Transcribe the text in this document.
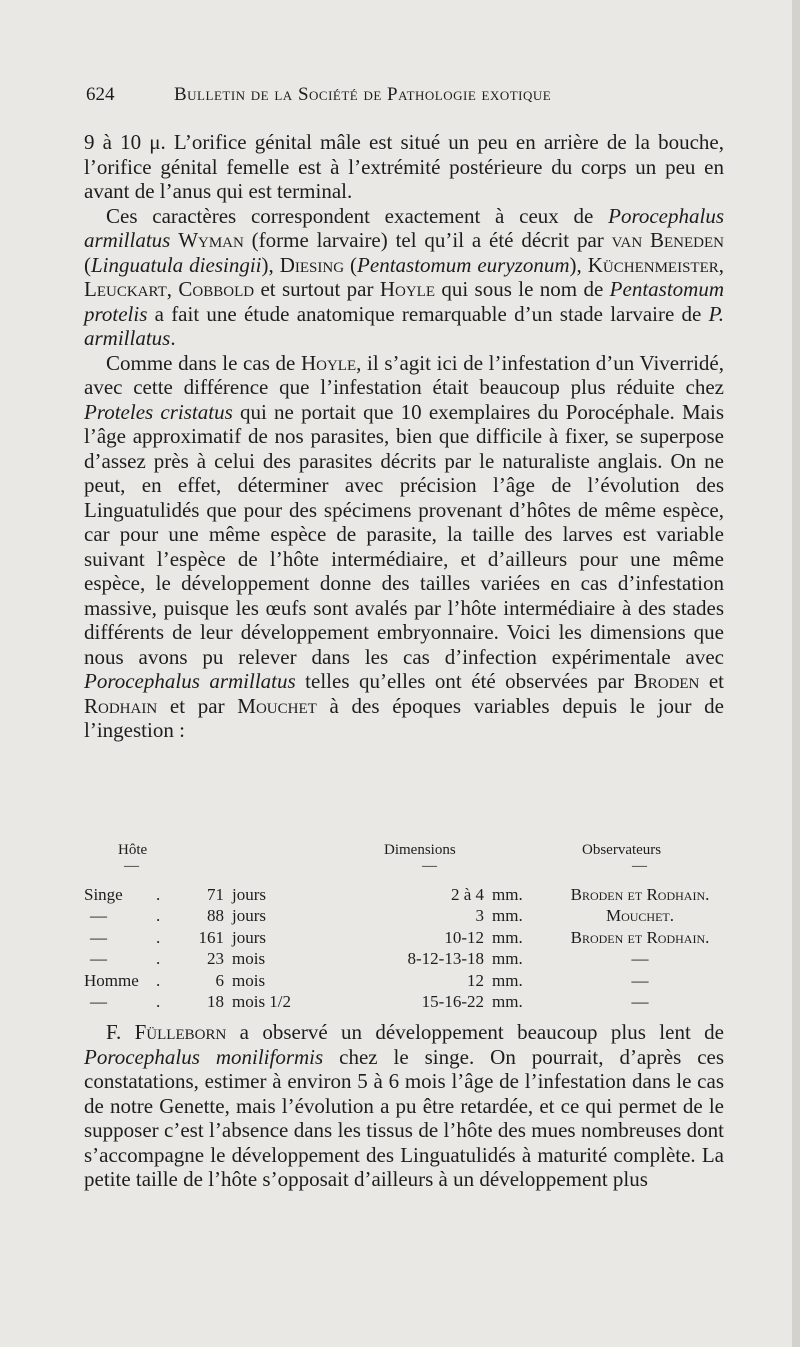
624	Bulletin de la Société de Pathologie exotique

9 à 10 μ. L’orifice génital mâle est situé un peu en arrière de la bouche, l’orifice génital femelle est à l’extrémité postérieure du corps un peu en avant de l’anus qui est terminal.

Ces caractères correspondent exactement à ceux de Porocephalus armillatus Wyman (forme larvaire) tel qu’il a été décrit par van Beneden (Linguatula diesingii), Diesing (Pentastomum euryzonum), Küchenmeister, Leuckart, Cobbold et surtout par Hoyle qui sous le nom de Pentastomum protelis a fait une étude anatomique remarquable d’un stade larvaire de P. armillatus.

Comme dans le cas de Hoyle, il s’agit ici de l’infestation d’un Viverridé, avec cette différence que l’infestation était beaucoup plus réduite chez Proteles cristatus qui ne portait que 10 exemplaires du Porocéphale. Mais l’âge approximatif de nos parasites, bien que difficile à fixer, se superpose d’assez près à celui des parasites décrits par le naturaliste anglais. On ne peut, en effet, déterminer avec précision l’âge de l’évolution des Linguatulidés que pour des spécimens provenant d’hôtes de même espèce, car pour une même espèce de parasite, la taille des larves est variable suivant l’espèce de l’hôte intermédiaire, et d’ailleurs pour une même espèce, le développement donne des tailles variées en cas d’infestation massive, puisque les œufs sont avalés par l’hôte intermédiaire à des stades différents de leur développement embryonnaire. Voici les dimensions que nous avons pu relever dans les cas d’infection expérimentale avec Porocephalus armillatus telles qu’elles ont été observées par Broden et Rodhain et par Mouchet à des époques variables depuis le jour de l’ingestion :

Hôte	Dimensions	Observateurs
—	—	—
Singe .	71 jours	2 à 4 mm.	Broden et Rodhain.
—	.	88 jours	3 mm.	Mouchet.
—	.	161 jours	10-12 mm.	Broden et Rodhain.
—	.	23 mois	8-12-13-18 mm.	—
Homme .	6 mois	12 mm.	—
—	.	18 mois 1/2	15-16-22 mm.	—

F. Fülleborn a observé un développement beaucoup plus lent de Porocephalus moniliformis chez le singe. On pourrait, d’après ces constatations, estimer à environ 5 à 6 mois l’âge de l’infestation dans le cas de notre Genette, mais l’évolution a pu être retardée, et ce qui permet de le supposer c’est l’absence dans les tissus de l’hôte des mues nombreuses dont s’accompagne le développement des Linguatulidés à maturité complète. La petite taille de l’hôte s’opposait d’ailleurs à un développement plus
